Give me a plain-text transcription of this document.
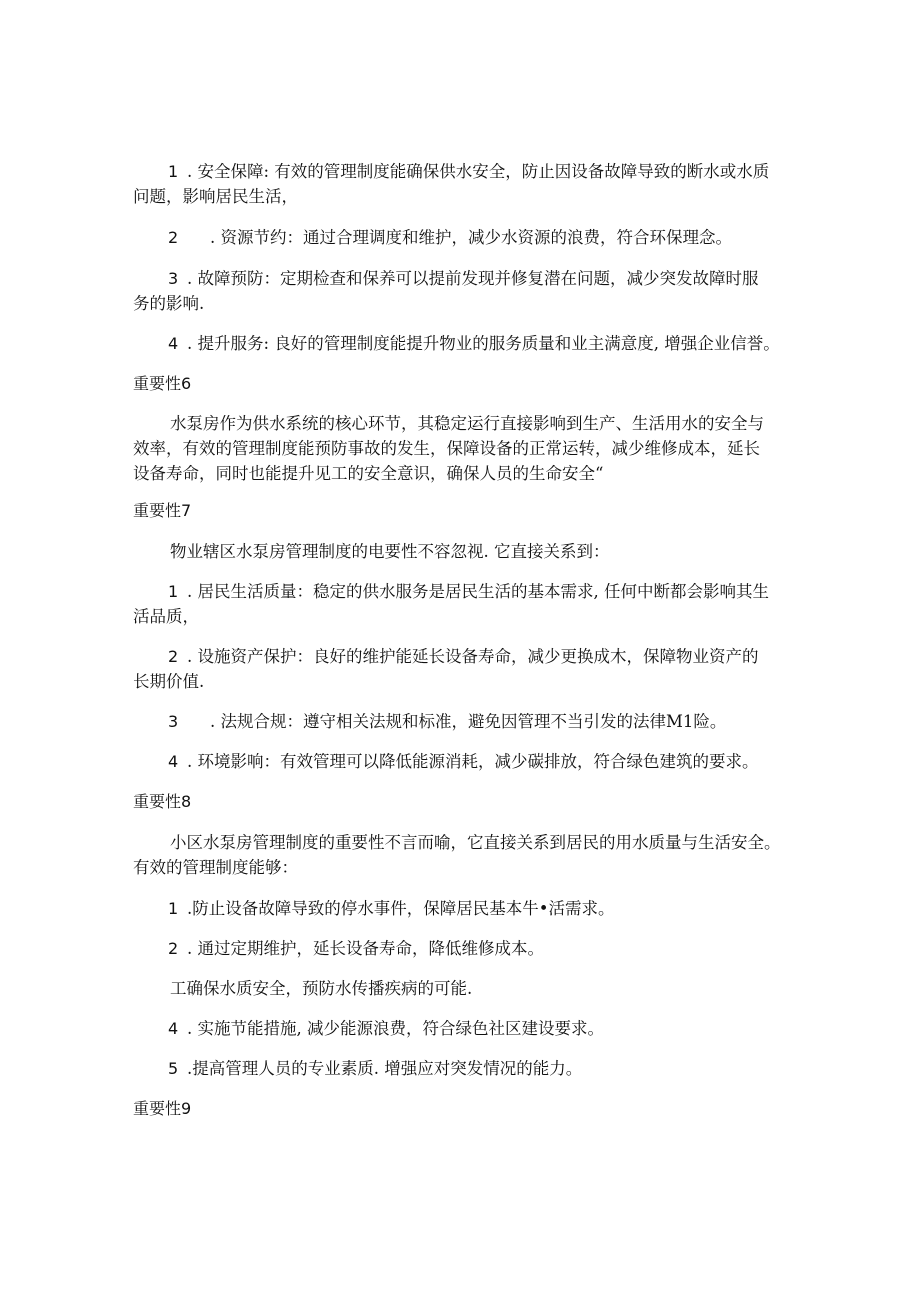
1 . 安全保障: 有效的管理制度能确保供水安全，防止因设备故障导致的断水或水质
问题，影响居民生活，
2 . 资源节约：通过合理调度和维护，减少水资源的浪费，符合环保理念。
3 . 故障预防：定期检查和保养可以提前发现并修复潜在问题，减少突发故障时服
务的影响.
4 . 提升服务: 良好的管理制度能提升物业的服务质量和业主满意度, 增强企业信誉。
重要性6
水泵房作为供水系统的核心环节，其稳定运行直接影响到生产、生活用水的安全与
效率，有效的管理制度能预防事故的发生，保障设备的正常运转，减少维修成本，延长
设备寿命，同时也能提升见工的安全意识，确保人员的生命安全“
重要性7
物业辖区水泵房管理制度的电要性不容忽视. 它直接关系到：
1 . 居民生活质量：稳定的供水服务是居民生活的基本需求, 任何中断都会影响其生
活品质，
2 . 设施资产保护：良好的维护能延长设备寿命，减少更换成木，保障物业资产的
长期价值.
3 . 法规合规：遵守相关法规和标准，避免因管理不当引发的法律M1险。
4 . 环境影响：有效管理可以降低能源消耗，减少碳排放，符合绿色建筑的要求。
重要性8
小区水泵房管理制度的重要性不言而喻，它直接关系到居民的用水质量与生活安全。
有效的管理制度能够：
1 .防止设备故障导致的停水事件，保障居民基本牛•活需求。
2 . 通过定期维护，延长设备寿命，降低维修成本。
工确保水质安全，预防水传播疾病的可能.
4 . 实施节能措施, 减少能源浪费，符合绿色社区建设要求。
5 .提高管理人员的专业素质. 增强应对突发情况的能力。
重要性9
